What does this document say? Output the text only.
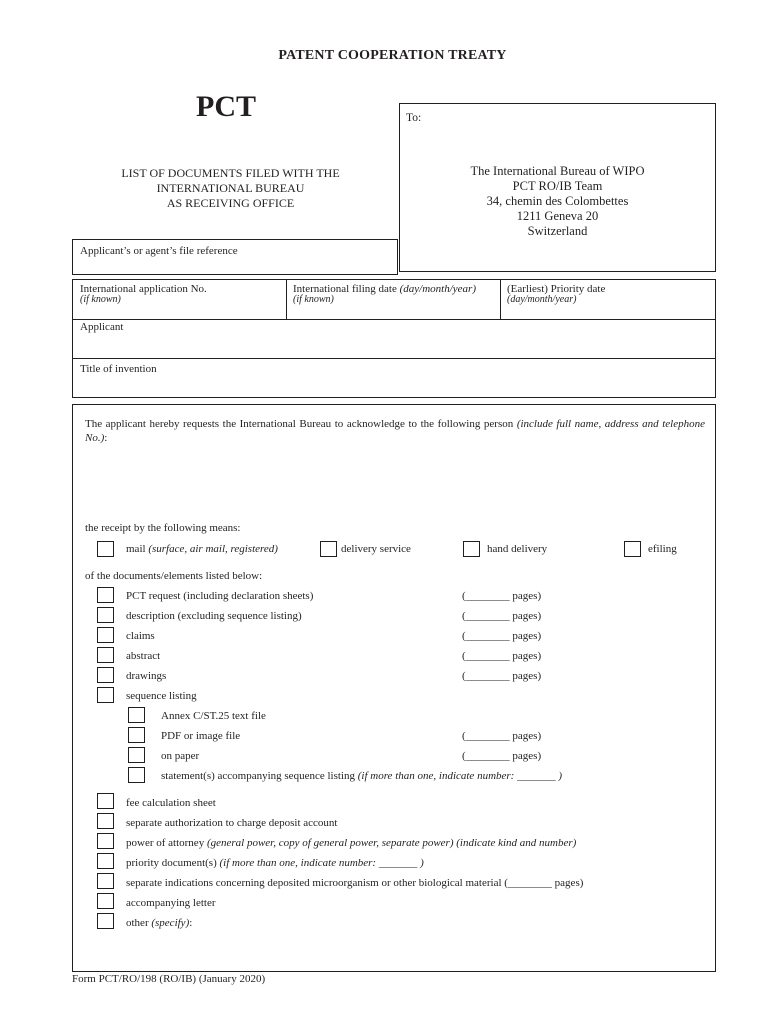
PATENT COOPERATION TREATY
PCT
LIST OF DOCUMENTS FILED WITH THE
INTERNATIONAL BUREAU
AS RECEIVING OFFICE
To:
The International Bureau of WIPO
PCT RO/IB Team
34, chemin des Colombettes
1211 Geneva 20
Switzerland
Applicant’s or agent’s file reference
International application No.
(if known)
International filing date (day/month/year)
(if known)
(Earliest) Priority date
(day/month/year)
Applicant
Title of invention
The applicant hereby requests the International Bureau to acknowledge to the following person (include full name, address and telephone No.):
the receipt by the following means:
mail (surface, air mail, registered)	delivery service	hand delivery	efiling
of the documents/elements listed below:
PCT request (including declaration sheets)	(________ pages)
description (excluding sequence listing)	(________ pages)
claims	(________ pages)
abstract	(________ pages)
drawings	(________ pages)
sequence listing
Annex C/ST.25 text file
PDF or image file	(________ pages)
on paper	(________ pages)
statement(s) accompanying sequence listing (if more than one, indicate number: _______ )
fee calculation sheet
separate authorization to charge deposit account
power of attorney (general power, copy of general power, separate power) (indicate kind and number)
priority document(s) (if more than one, indicate number: _______ )
separate indications concerning deposited microorganism or other biological material (________ pages)
accompanying letter
other (specify):
Form PCT/RO/198 (RO/IB) (January 2020)
